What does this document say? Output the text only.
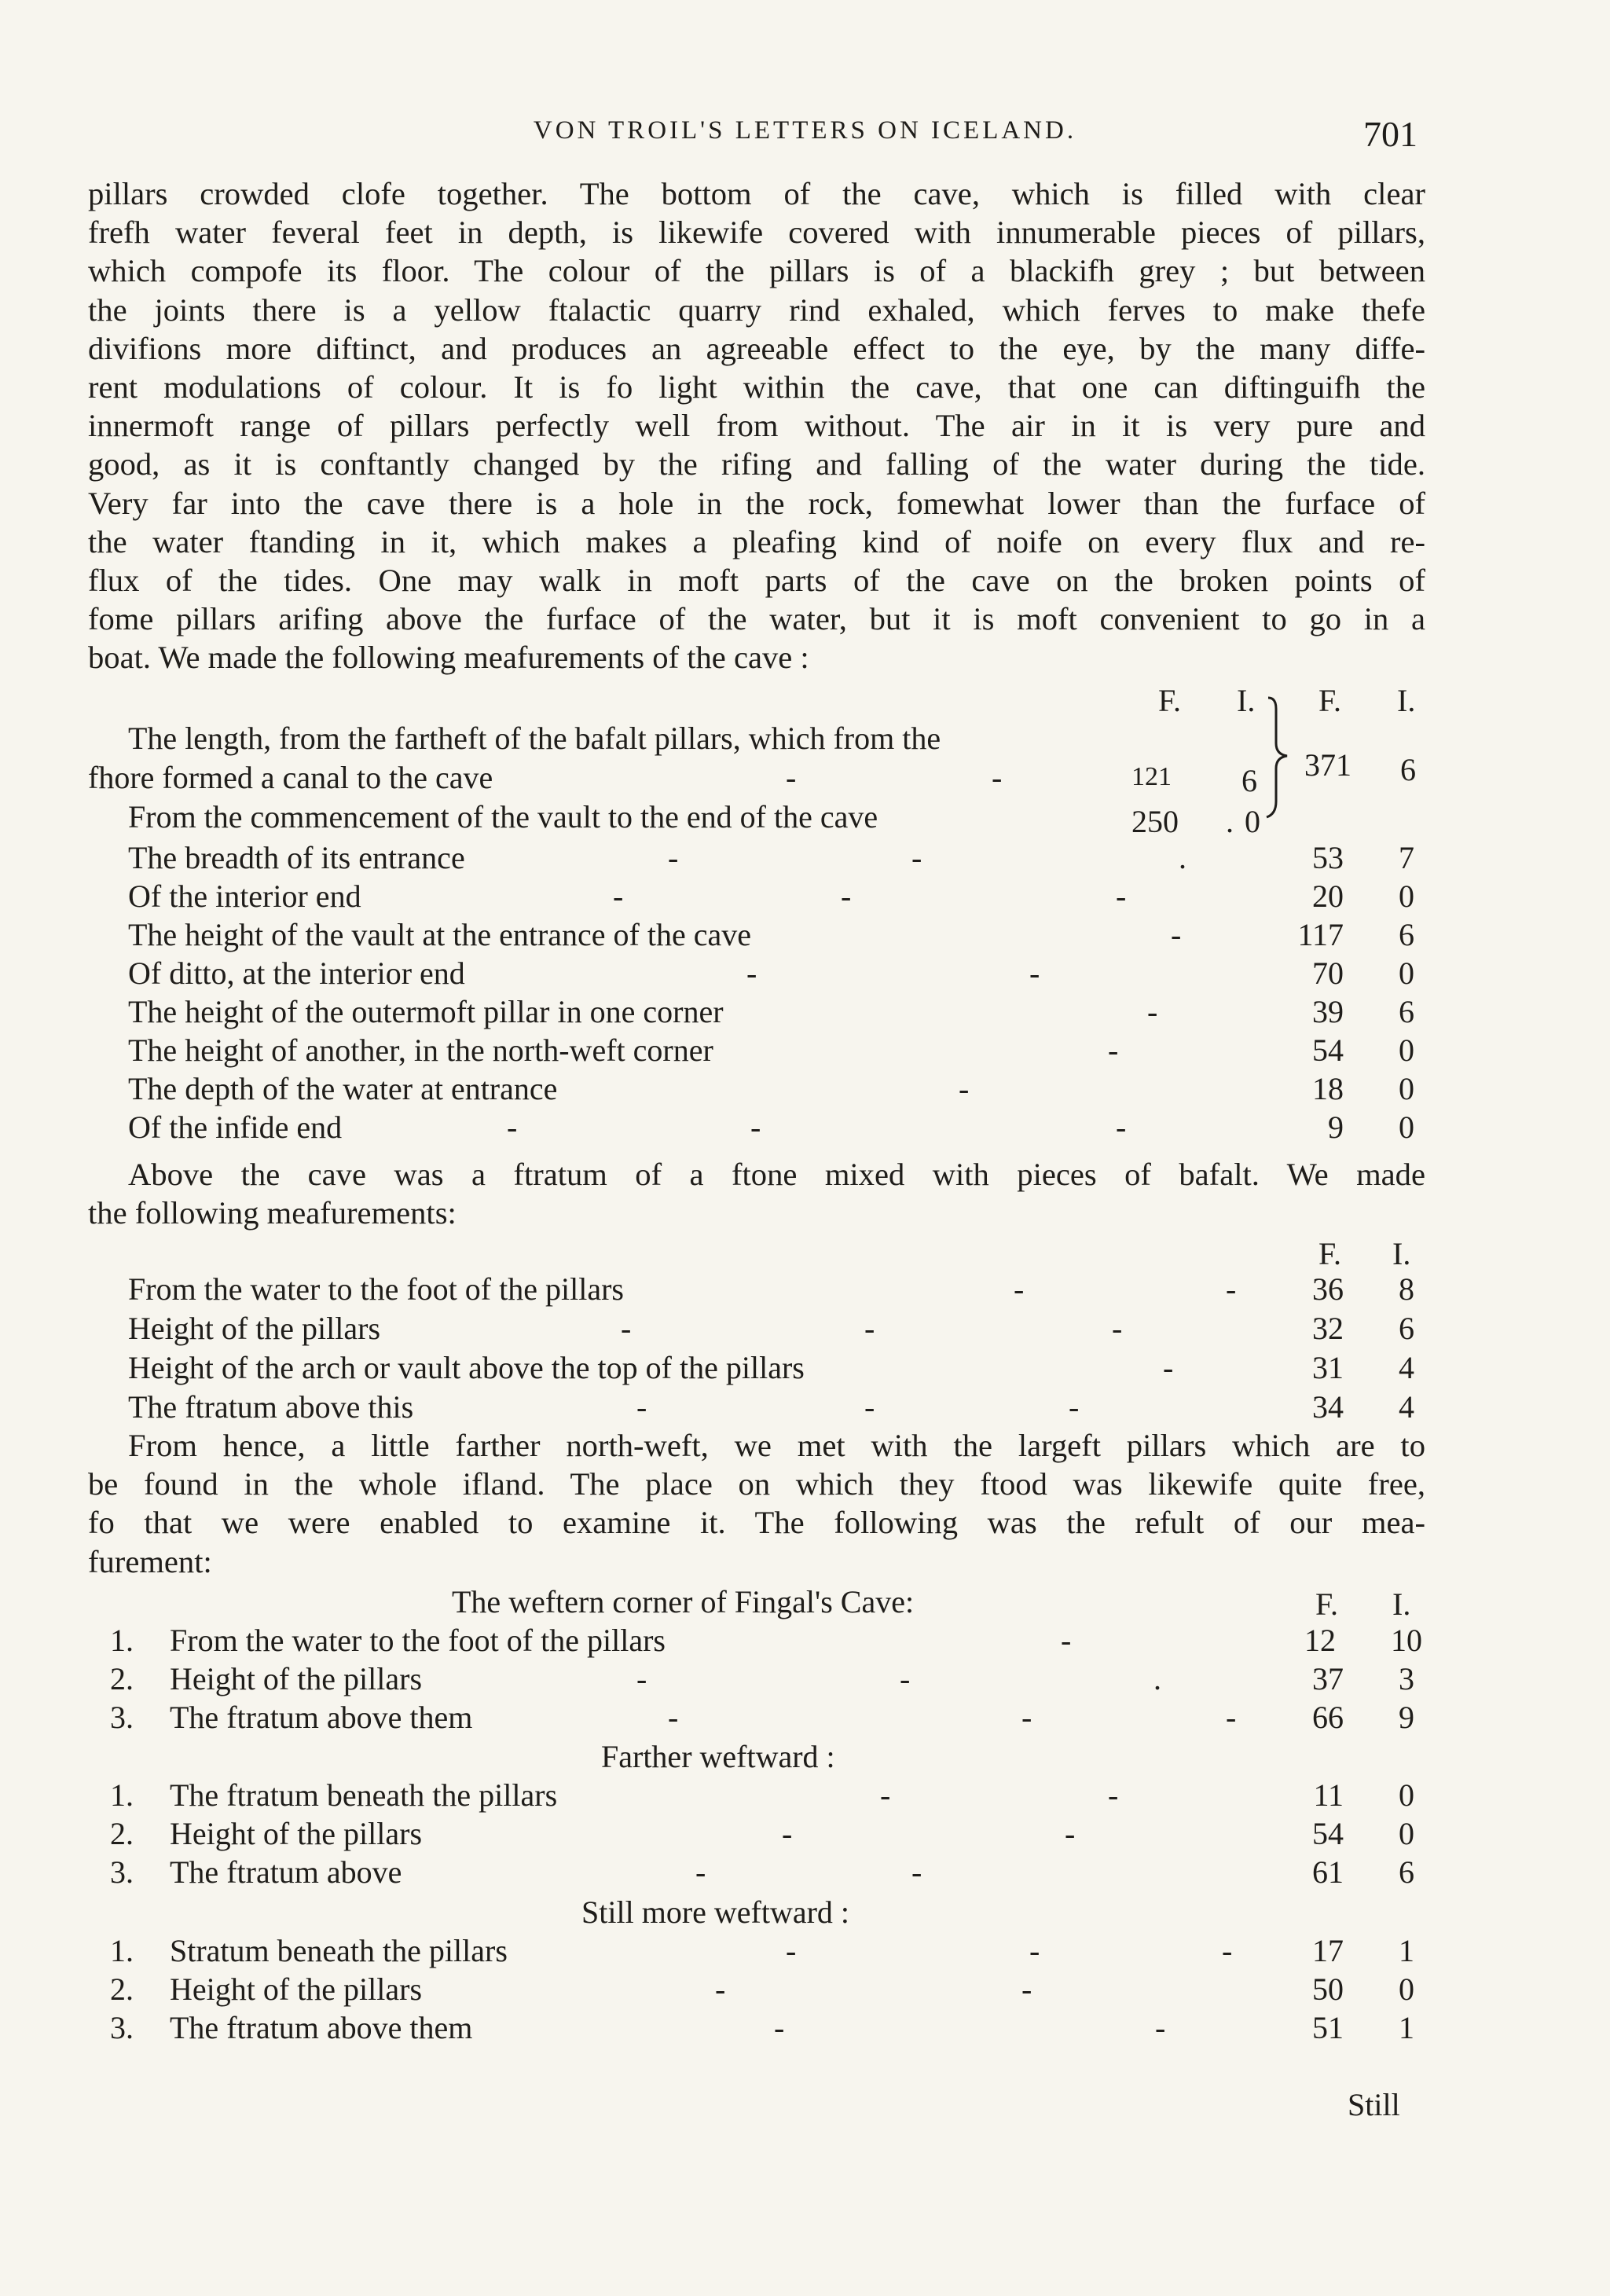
VON TROIL'S LETTERS ON ICELAND.	701
pillars crowded clofe together. The bottom of the cave, which is filled with clear
frefh water feveral feet in depth, is likewife covered with innumerable pieces of pillars,
which compofe its floor. The colour of the pillars is of a blackifh grey ; but between
the joints there is a yellow ftalactic quarry rind exhaled, which ferves to make thefe
divifions more diftinct, and produces an agreeable effect to the eye, by the many diffe-
rent modulations of colour. It is fo light within the cave, that one can diftinguifh the
innermoft range of pillars perfectly well from without. The air in it is very pure and
good, as it is conftantly changed by the rifing and falling of the water during the tide.
Very far into the cave there is a hole in the rock, fomewhat lower than the furface of
the water ftanding in it, which makes a pleafing kind of noife on every flux and re-
flux of the tides. One may walk in moft parts of the cave on the broken points of
fome pillars arifing above the furface of the water, but it is moft convenient to go in a
boat. We made the following meafurements of the cave :
F. I. F. I.
The length, from the fartheft of the bafalt pillars, which from the
fhore formed a canal to the cave	-	-	121 6
From the commencement of the vault to the end of the cave	250 . 0
371 6
The breadth of its entrance	-	-	.	53	7
Of the interior end	-	-	-	20	0
The height of the vault at the entrance of the cave	-	117	6
Of ditto, at the interior end	-	-	70	0
The height of the outermoft pillar in one corner	-	39	6
The height of another, in the north-weft corner	-	54	0
The depth of the water at entrance	-	18	0
Of the infide end	-	-	-	9	0
Above the cave was a ftratum of a ftone mixed with pieces of bafalt. We made
the following meafurements:
F. I.
From the water to the foot of the pillars	-	-	36	8
Height of the pillars	-	-	-	32	6
Height of the arch or vault above the top of the pillars	-	31	4
The ftratum above this	-	-	-	34	4
From hence, a little farther north-weft, we met with the largeft pillars which are to
be found in the whole ifland. The place on which they ftood was likewife quite free,
fo that we were enabled to examine it. The following was the refult of our mea-
furement:
The weftern corner of Fingal's Cave:	F. I.
1. From the water to the foot of the pillars	-	12 10
2. Height of the pillars	-	-	.	37	3
3. The ftratum above them	-	-	-	66	9
Farther weftward :
1. The ftratum beneath the pillars	-	-	11	0
2. Height of the pillars	-	-	54	0
3. The ftratum above	-	-	61	6
Still more weftward :
1. Stratum beneath the pillars	-	-	-	17	1
2. Height of the pillars	-	-	50	0
3. The ftratum above them	-	-	51	1
Still
